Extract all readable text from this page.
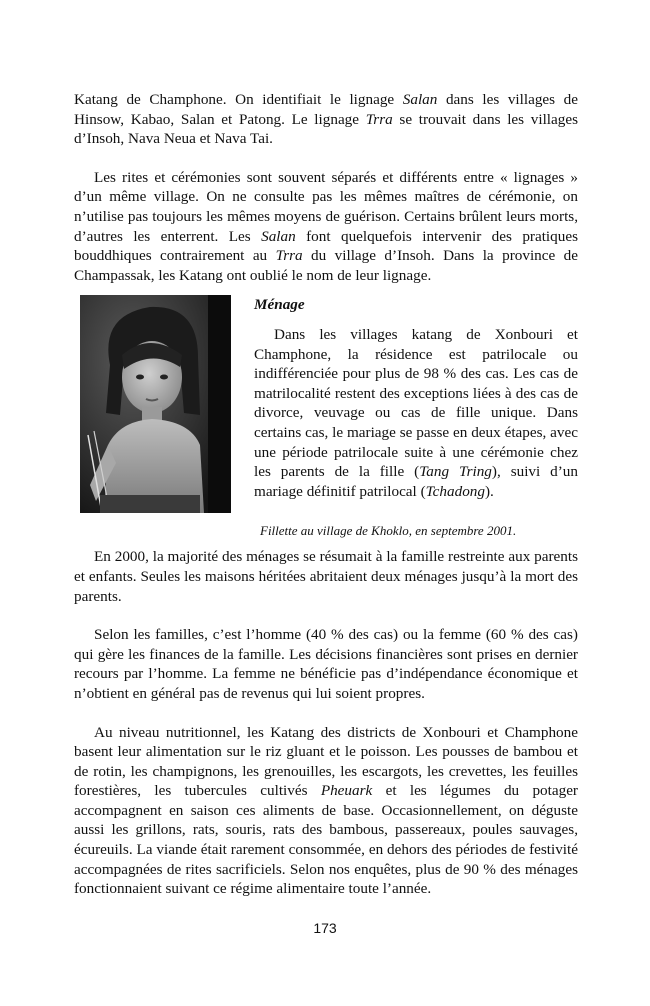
Katang de Champhone. On identifiait le lignage Salan dans les villages de Hinsow, Kabao, Salan et Patong. Le lignage Trra se trouvait dans les villages d’Insoh, Nava Neua et Nava Tai.

Les rites et cérémonies sont souvent séparés et différents entre « lignages » d’un même village. On ne consulte pas les mêmes maîtres de cérémonie, on n’utilise pas toujours les mêmes moyens de guérison. Certains brûlent leurs morts, d’autres les enterrent. Les Salan font quelquefois intervenir des pratiques bouddhiques contrairement au Trra du village d’Insoh. Dans la province de Champassak, les Katang ont oublié le nom de leur lignage.

Ménage

Dans les villages katang de Xonbouri et Champhone, la résidence est patrilocale ou indifférenciée pour plus de 98 % des cas. Les cas de matrilocalité restent des exceptions liées à des cas de divorce, veuvage ou cas de fille unique. Dans certains cas, le mariage se passe en deux étapes, avec une période patrilocale suite à une cérémonie chez les parents de la fille (Tang Tring), suivi d’un mariage définitif patrilocal (Tchadong).

Fillette au village de Khoklo, en septembre 2001.

En 2000, la majorité des ménages se résumait à la famille restreinte aux parents et enfants. Seules les maisons héritées abritaient deux ménages jusqu’à la mort des parents.

Selon les familles, c’est l’homme (40 % des cas) ou la femme (60 % des cas) qui gère les finances de la famille. Les décisions financières sont prises en dernier recours par l’homme. La femme ne bénéficie pas d’indépendance économique et n’obtient en général pas de revenus qui lui soient propres.

Au niveau nutritionnel, les Katang des districts de Xonbouri et Champhone basent leur alimentation sur le riz gluant et le poisson. Les pousses de bambou et de rotin, les champignons, les grenouilles, les escargots, les crevettes, les feuilles forestières, les tubercules cultivés Pheuark et les légumes du potager accompagnent en saison ces aliments de base. Occasionnellement, on déguste aussi les grillons, rats, souris, rats des bambous, passereaux, poules sauvages, écureuils. La viande était rarement consommée, en dehors des périodes de festivité accompagnées de rites sacrificiels. Selon nos enquêtes, plus de 90 % des ménages fonctionnaient suivant ce régime alimentaire toute l’année.

173
